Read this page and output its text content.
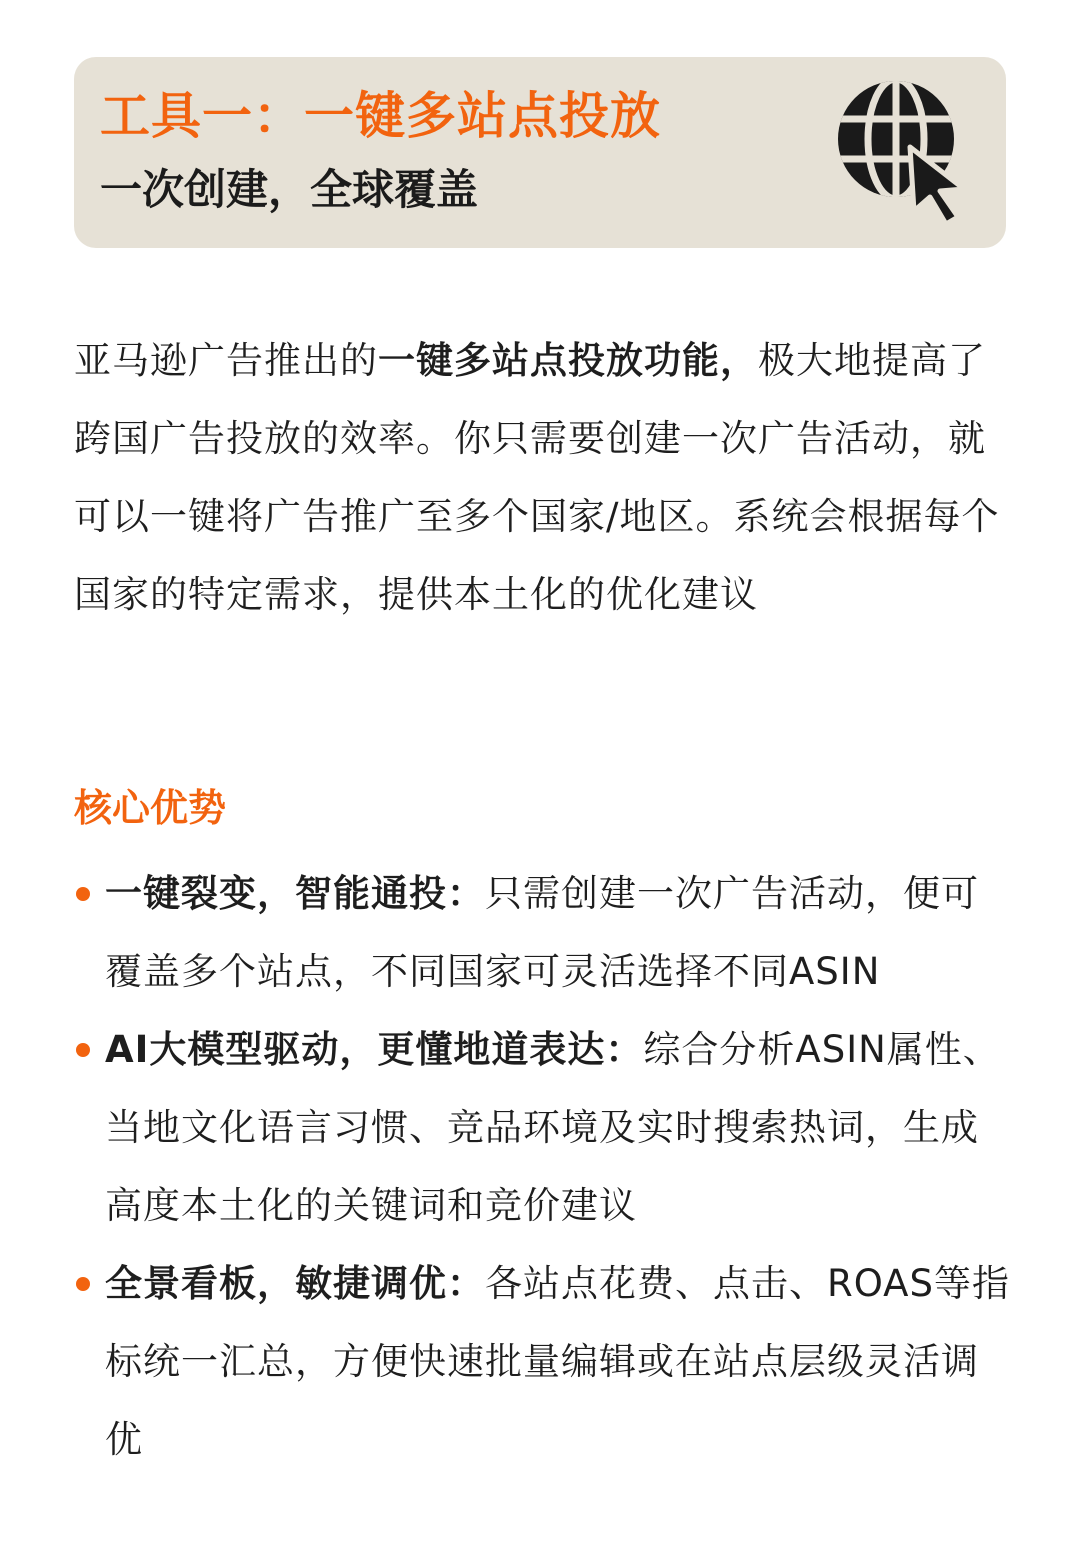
工具一：一键多站点投放
一次创建，全球覆盖
亚马逊广告推出的一键多站点投放功能，极大地提高了跨国广告投放的效率。你只需要创建一次广告活动，就可以一键将广告推广至多个国家/地区。系统会根据每个国家的特定需求，提供本土化的优化建议
核心优势
一键裂变，智能通投：只需创建一次广告活动，便可覆盖多个站点，不同国家可灵活选择不同ASIN
AI大模型驱动，更懂地道表达：综合分析ASIN属性、当地文化语言习惯、竞品环境及实时搜索热词，生成高度本土化的关键词和竞价建议
全景看板，敏捷调优：各站点花费、点击、ROAS等指标统一汇总，方便快速批量编辑或在站点层级灵活调优
